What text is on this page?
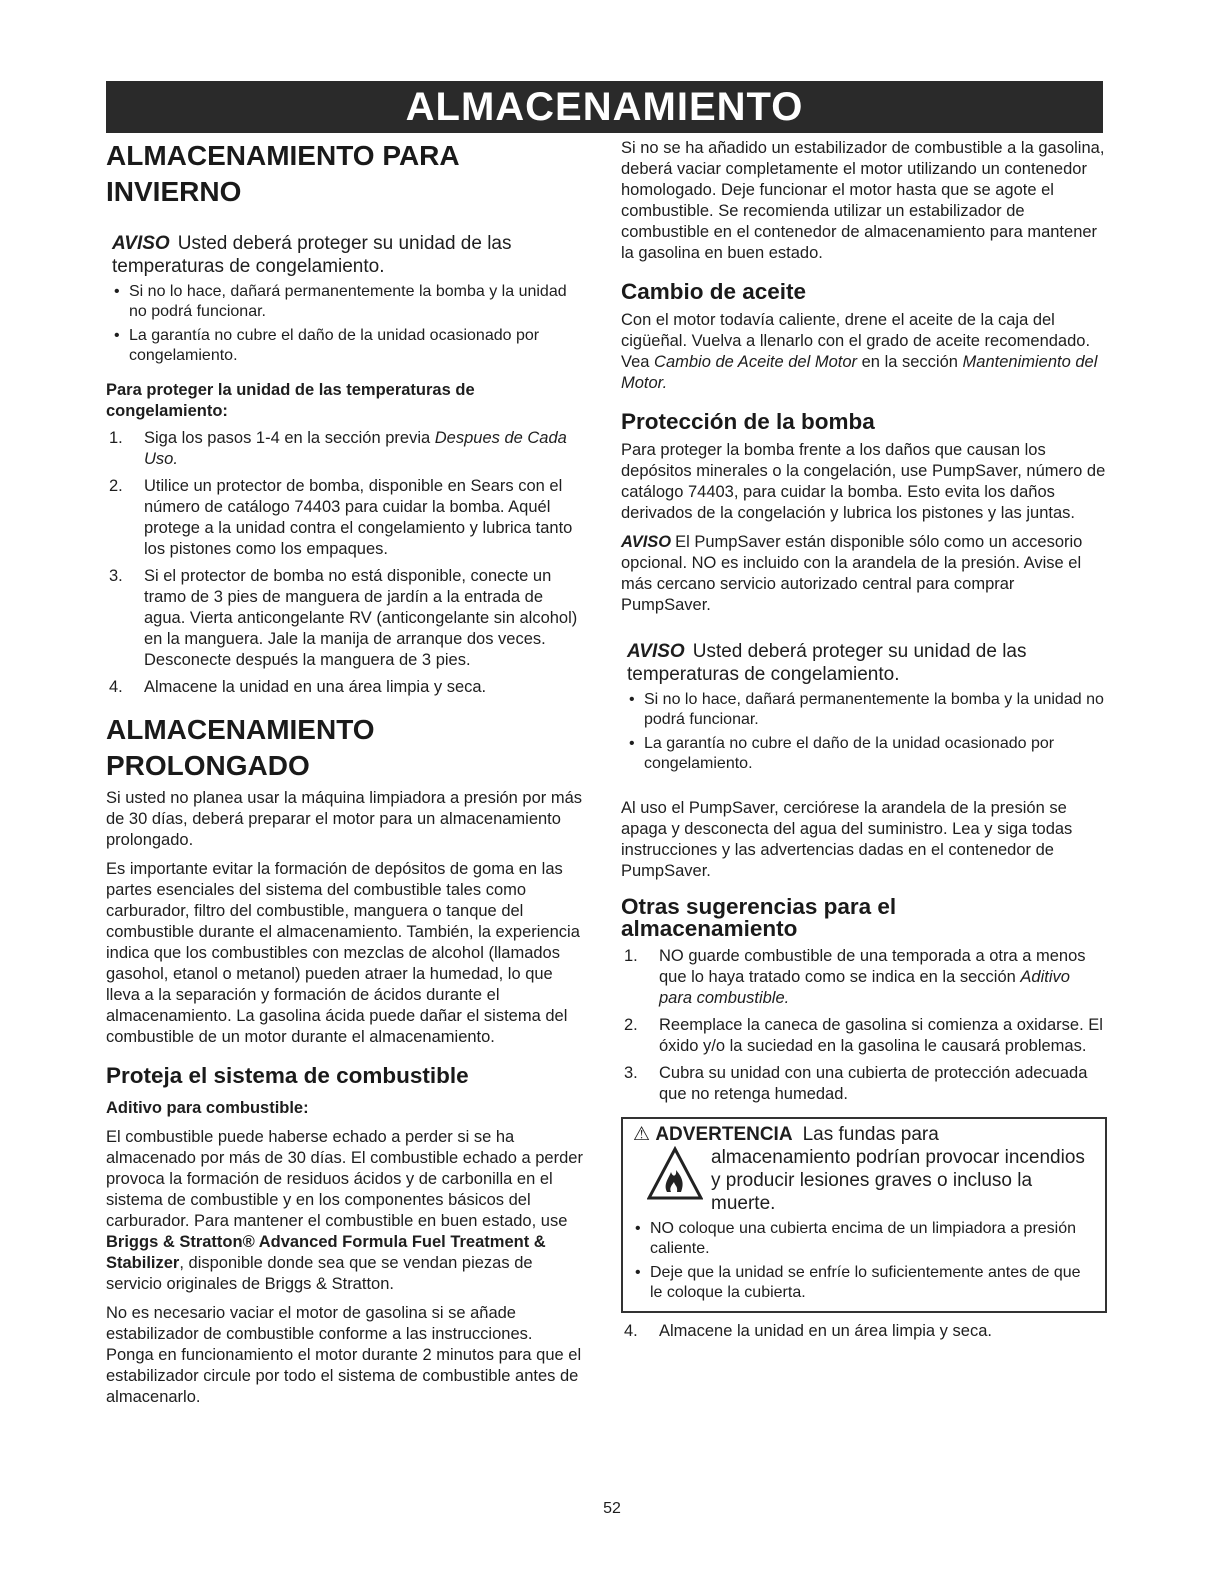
ALMACENAMIENTO
ALMACENAMIENTO PARA INVIERNO

AVISO Usted deberá proteger su unidad de las temperaturas de congelamiento.

• Si no lo hace, dañará permanentemente la bomba y la unidad no podrá funcionar.
• La garantía no cubre el daño de la unidad ocasionado por congelamiento.

Para proteger la unidad de las temperaturas de congelamiento:

1. Siga los pasos 1-4 en la sección previa Despues de Cada Uso.
2. Utilice un protector de bomba, disponible en Sears con el número de catálogo 74403 para cuidar la bomba. Aquél protege a la unidad contra el congelamiento y lubrica tanto los pistones como los empaques.
3. Si el protector de bomba no está disponible, conecte un tramo de 3 pies de manguera de jardín a la entrada de agua. Vierta anticongelante RV (anticongelante sin alcohol) en la manguera. Jale la manija de arranque dos veces. Desconecte después la manguera de 3 pies.
4. Almacene la unidad en una área limpia y seca.
ALMACENAMIENTO PROLONGADO

Si usted no planea usar la máquina limpiadora a presión por más de 30 días, deberá preparar el motor para un almacenamiento prolongado.

Es importante evitar la formación de depósitos de goma en las partes esenciales del sistema del combustible tales como carburador, filtro del combustible, manguera o tanque del combustible durante el almacenamiento. También, la experiencia indica que los combustibles con mezclas de alcohol (llamados gasohol, etanol o metanol) pueden atraer la humedad, lo que lleva a la separación y formación de ácidos durante el almacenamiento. La gasolina ácida puede dañar el sistema del combustible de un motor durante el almacenamiento.

Proteja el sistema de combustible

Aditivo para combustible:

El combustible puede haberse echado a perder si se ha almacenado por más de 30 días. El combustible echado a perder provoca la formación de residuos ácidos y de carbonilla en el sistema de combustible y en los componentes básicos del carburador. Para mantener el combustible en buen estado, use Briggs & Stratton® Advanced Formula Fuel Treatment & Stabilizer, disponible donde sea que se vendan piezas de servicio originales de Briggs & Stratton.

No es necesario vaciar el motor de gasolina si se añade estabilizador de combustible conforme a las instrucciones. Ponga en funcionamiento el motor durante 2 minutos para que el estabilizador circule por todo el sistema de combustible antes de almacenarlo.

Si no se ha añadido un estabilizador de combustible a la gasolina, deberá vaciar completamente el motor utilizando un contenedor homologado. Deje funcionar el motor hasta que se agote el combustible. Se recomienda utilizar un estabilizador de combustible en el contenedor de almacenamiento para mantener la gasolina en buen estado.

Cambio de aceite

Con el motor todavía caliente, drene el aceite de la caja del cigüeñal. Vuelva a llenarlo con el grado de aceite recomendado. Vea Cambio de Aceite del Motor en la sección Mantenimiento del Motor.

Protección de la bomba

Para proteger la bomba frente a los daños que causan los depósitos minerales o la congelación, use PumpSaver, número de catálogo 74403, para cuidar la bomba. Esto evita los daños derivados de la congelación y lubrica los pistones y las juntas.

AVISO El PumpSaver están disponible sólo como un accesorio opcional. NO es incluido con la arandela de la presión. Avise el más cercano servicio autorizado central para comprar PumpSaver.

AVISO Usted deberá proteger su unidad de las temperaturas de congelamiento.

• Si no lo hace, dañará permanentemente la bomba y la unidad no podrá funcionar.
• La garantía no cubre el daño de la unidad ocasionado por congelamiento.

Al uso el PumpSaver, cerciórese la arandela de la presión se apaga y desconecta del agua del suministro. Lea y siga todas instrucciones y las advertencias dadas en el contenedor de PumpSaver.

Otras sugerencias para el almacenamiento
1. NO guarde combustible de una temporada a otra a menos que lo haya tratado como se indica en la sección Aditivo para combustible.
2. Reemplace la caneca de gasolina si comienza a oxidarse. El óxido y/o la suciedad en la gasolina le causará problemas.
3. Cubra su unidad con una cubierta de protección adecuada que no retenga humedad.
⚠ ADVERTENCIA Las fundas para
almacenamiento podrían provocar incendios y producir lesiones graves o incluso la muerte.
• NO coloque una cubierta encima de un limpiadora a presión caliente.
• Deje que la unidad se enfríe lo suficientemente antes de que le coloque la cubierta.
4. Almacene la unidad en un área limpia y seca.
52
